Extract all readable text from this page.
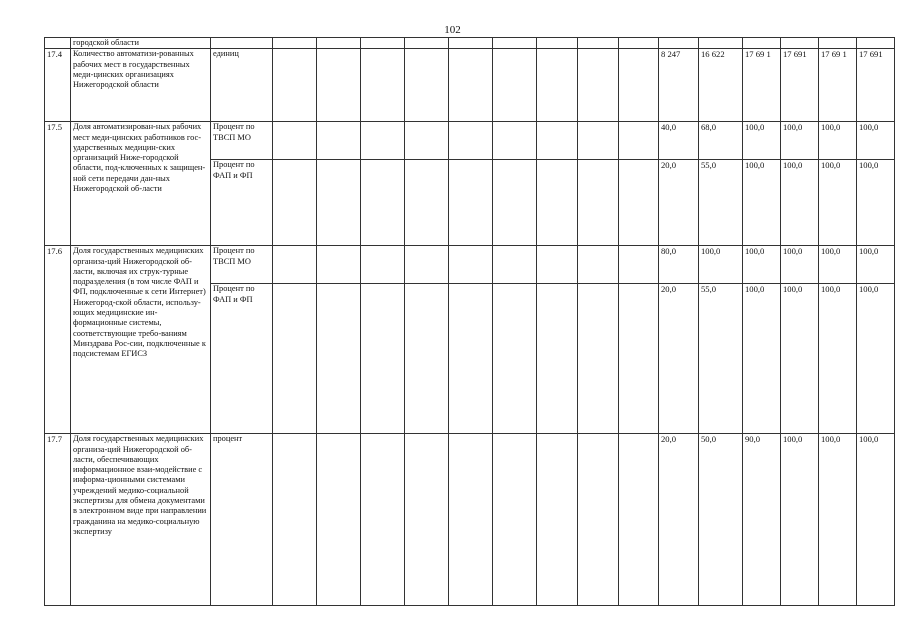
102
	городской области																
17.4	Количество автоматизи-рованных рабочих мест в государственных меди-цинских организациях Нижегородской области	единиц										8 247	16 622	17 69 1	17 691	17 69 1	17 691
17.5	Доля автоматизирован-ных рабочих мест меди-цинских работников гос-ударственных медицин-ских организаций Ниже-городской области, под-ключенных к защищен-ной сети передачи дан-ных Нижегородской об-ласти	Процент по ТВСП МО										40,0	68,0	100,0	100,0	100,0	100,0
		Процент по ФАП и ФП										20,0	55,0	100,0	100,0	100,0	100,0
17.6	Доля государственных медицинских организа-ций Нижегородской об-ласти, включая их струк-турные подразделения (в том числе ФАП и ФП, подключенные к сети Интернет) Нижегород-ской области, использу-ющих медицинские ин-формационные системы, соответствующие требо-ваниям Минздрава Рос-сии, подключенные к подсистемам ЕГИСЗ	Процент по ТВСП МО										80,0	100,0	100,0	100,0	100,0	100,0
		Процент по ФАП и ФП										20,0	55,0	100,0	100,0	100,0	100,0
17.7	Доля государственных медицинских организа-ций Нижегородской об-ласти, обеспечивающих информационное взаи-модействие с информа-ционными системами учреждений медико-социальной экспертизы для обмена документами в электронном виде при направлении гражданина на медико-социальную экспертизу	процент										20,0	50,0	90,0	100,0	100,0	100,0
